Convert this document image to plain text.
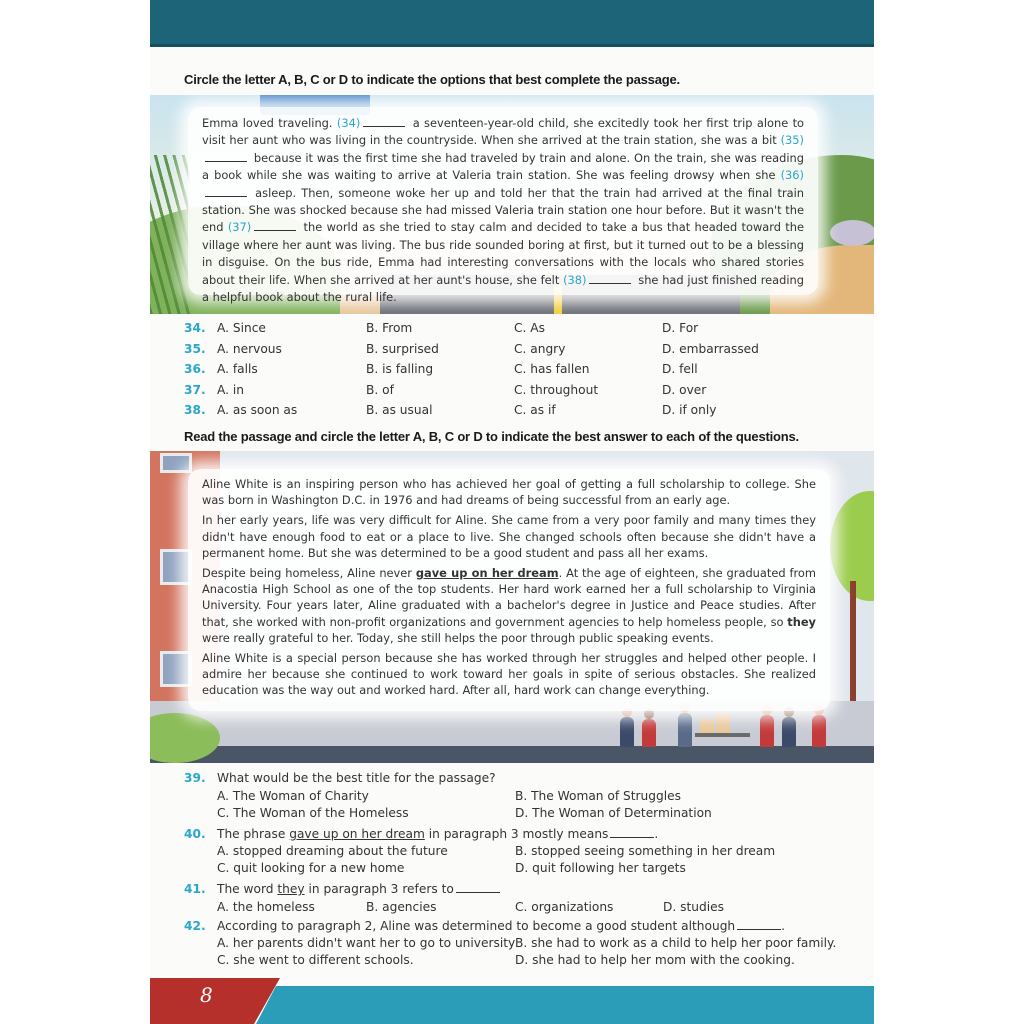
Circle the letter A, B, C or D to indicate the options that best complete the passage.

Emma loved traveling. (34)	a seventeen-year-old child, she excitedly took her first trip alone to visit her aunt who was living in the countryside. When she arrived at the train station, she was a bit (35) because it was the first time she had traveled by train and alone. On the train, she was reading a book while she was waiting to arrive at Valeria train station. She was feeling drowsy when she (36) asleep. Then, someone woke her up and told her that the train had arrived at the final train station. She was shocked because she had missed Valeria train station one hour before. But it wasn't the end (37)	the world as she tried to stay calm and decided to take a bus that headed toward the village where her aunt was living. The bus ride sounded boring at first, but it turned out to be a blessing in disguise. On the bus ride, Emma had interesting conversations with the locals who shared stories about their life. When she arrived at her aunt's house, she felt (38)	she had just finished reading a helpful book about the rural life.

34. A. Since	B. From	C. As	D. For
35. A. nervous	B. surprised	C. angry	D. embarrassed
36. A. falls	B. is falling	C. has fallen	D. fell
37. A. in	B. of	C. throughout	D. over
38. A. as soon as	B. as usual	C. as if	D. if only
Read the passage and circle the letter A, B, C or D to indicate the best answer to each of the questions.

Aline White is an inspiring person who has achieved her goal of getting a full scholarship to college. She was born in Washington D.C. in 1976 and had dreams of being successful from an early age.

In her early years, life was very difficult for Aline. She came from a very poor family and many times they didn't have enough food to eat or a place to live. She changed schools often because she didn't have a permanent home. But she was determined to be a good student and pass all her exams.

Despite being homeless, Aline never gave up on her dream. At the age of eighteen, she graduated from Anacostia High School as one of the top students. Her hard work earned her a full scholarship to Virginia University. Four years later, Aline graduated with a bachelor's degree in Justice and Peace studies. After that, she worked with non-profit organizations and government agencies to help homeless people, so they were really grateful to her. Today, she still helps the poor through public speaking events.

Aline White is a special person because she has worked through her struggles and helped other people. I admire her because she continued to work toward her goals in spite of serious obstacles. She realized education was the way out and worked hard. After all, hard work can change everything.

39. What would be the best title for the passage?
A. The Woman of Charity	B. The Woman of Struggles
C. The Woman of the Homeless	D. The Woman of Determination
40. The phrase gave up on her dream in paragraph 3 mostly means	.
A. stopped dreaming about the future	B. stopped seeing something in her dream
C. quit looking for a new home	D. quit following her targets
41. The word they in paragraph 3 refers to
A. the homeless	B. agencies	C. organizations	D. studies
42. According to paragraph 2, Aline was determined to become a good student although	.
A. her parents didn't want her to go to university B. she had to work as a child to help her poor family.
C. she went to different schools.	D. she had to help her mom with the cooking.
8
